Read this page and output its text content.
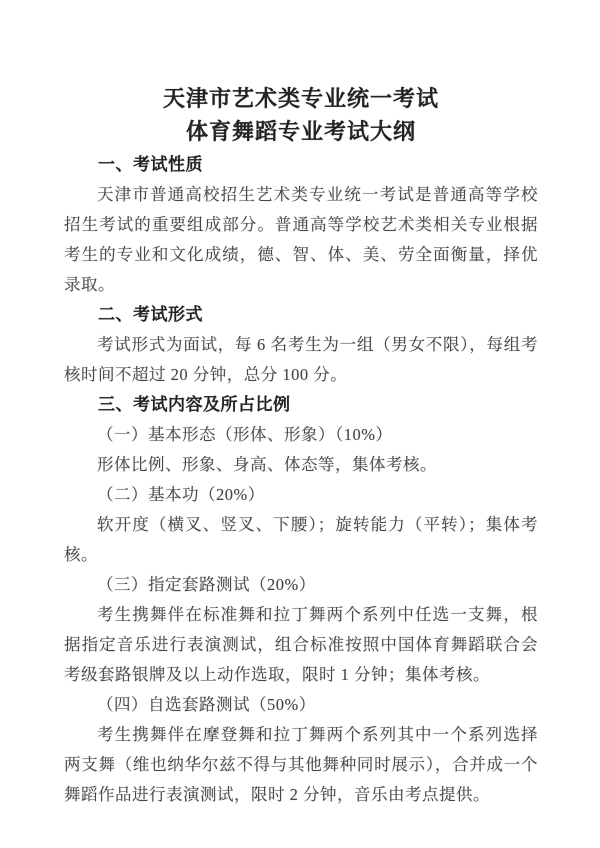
天津市艺术类专业统一考试
体育舞蹈专业考试大纲
一、考试性质

天津市普通高校招生艺术类专业统一考试是普通高等学校招生考试的重要组成部分。普通高等学校艺术类相关专业根据考生的专业和文化成绩，德、智、体、美、劳全面衡量，择优录取。

二、考试形式

考试形式为面试，每 6 名考生为一组（男女不限），每组考核时间不超过 20 分钟，总分 100 分。

三、考试内容及所占比例

（一）基本形态（形体、形象）（10%）

形体比例、形象、身高、体态等，集体考核。

（二）基本功（20%）

软开度（横叉、竖叉、下腰）；旋转能力（平转）；集体考核。

（三）指定套路测试（20%）

考生携舞伴在标准舞和拉丁舞两个系列中任选一支舞，根据指定音乐进行表演测试，组合标准按照中国体育舞蹈联合会考级套路银牌及以上动作选取，限时 1 分钟；集体考核。

（四）自选套路测试（50%）

考生携舞伴在摩登舞和拉丁舞两个系列其中一个系列选择两支舞（维也纳华尔兹不得与其他舞种同时展示），合并成一个舞蹈作品进行表演测试，限时 2 分钟，音乐由考点提供。
